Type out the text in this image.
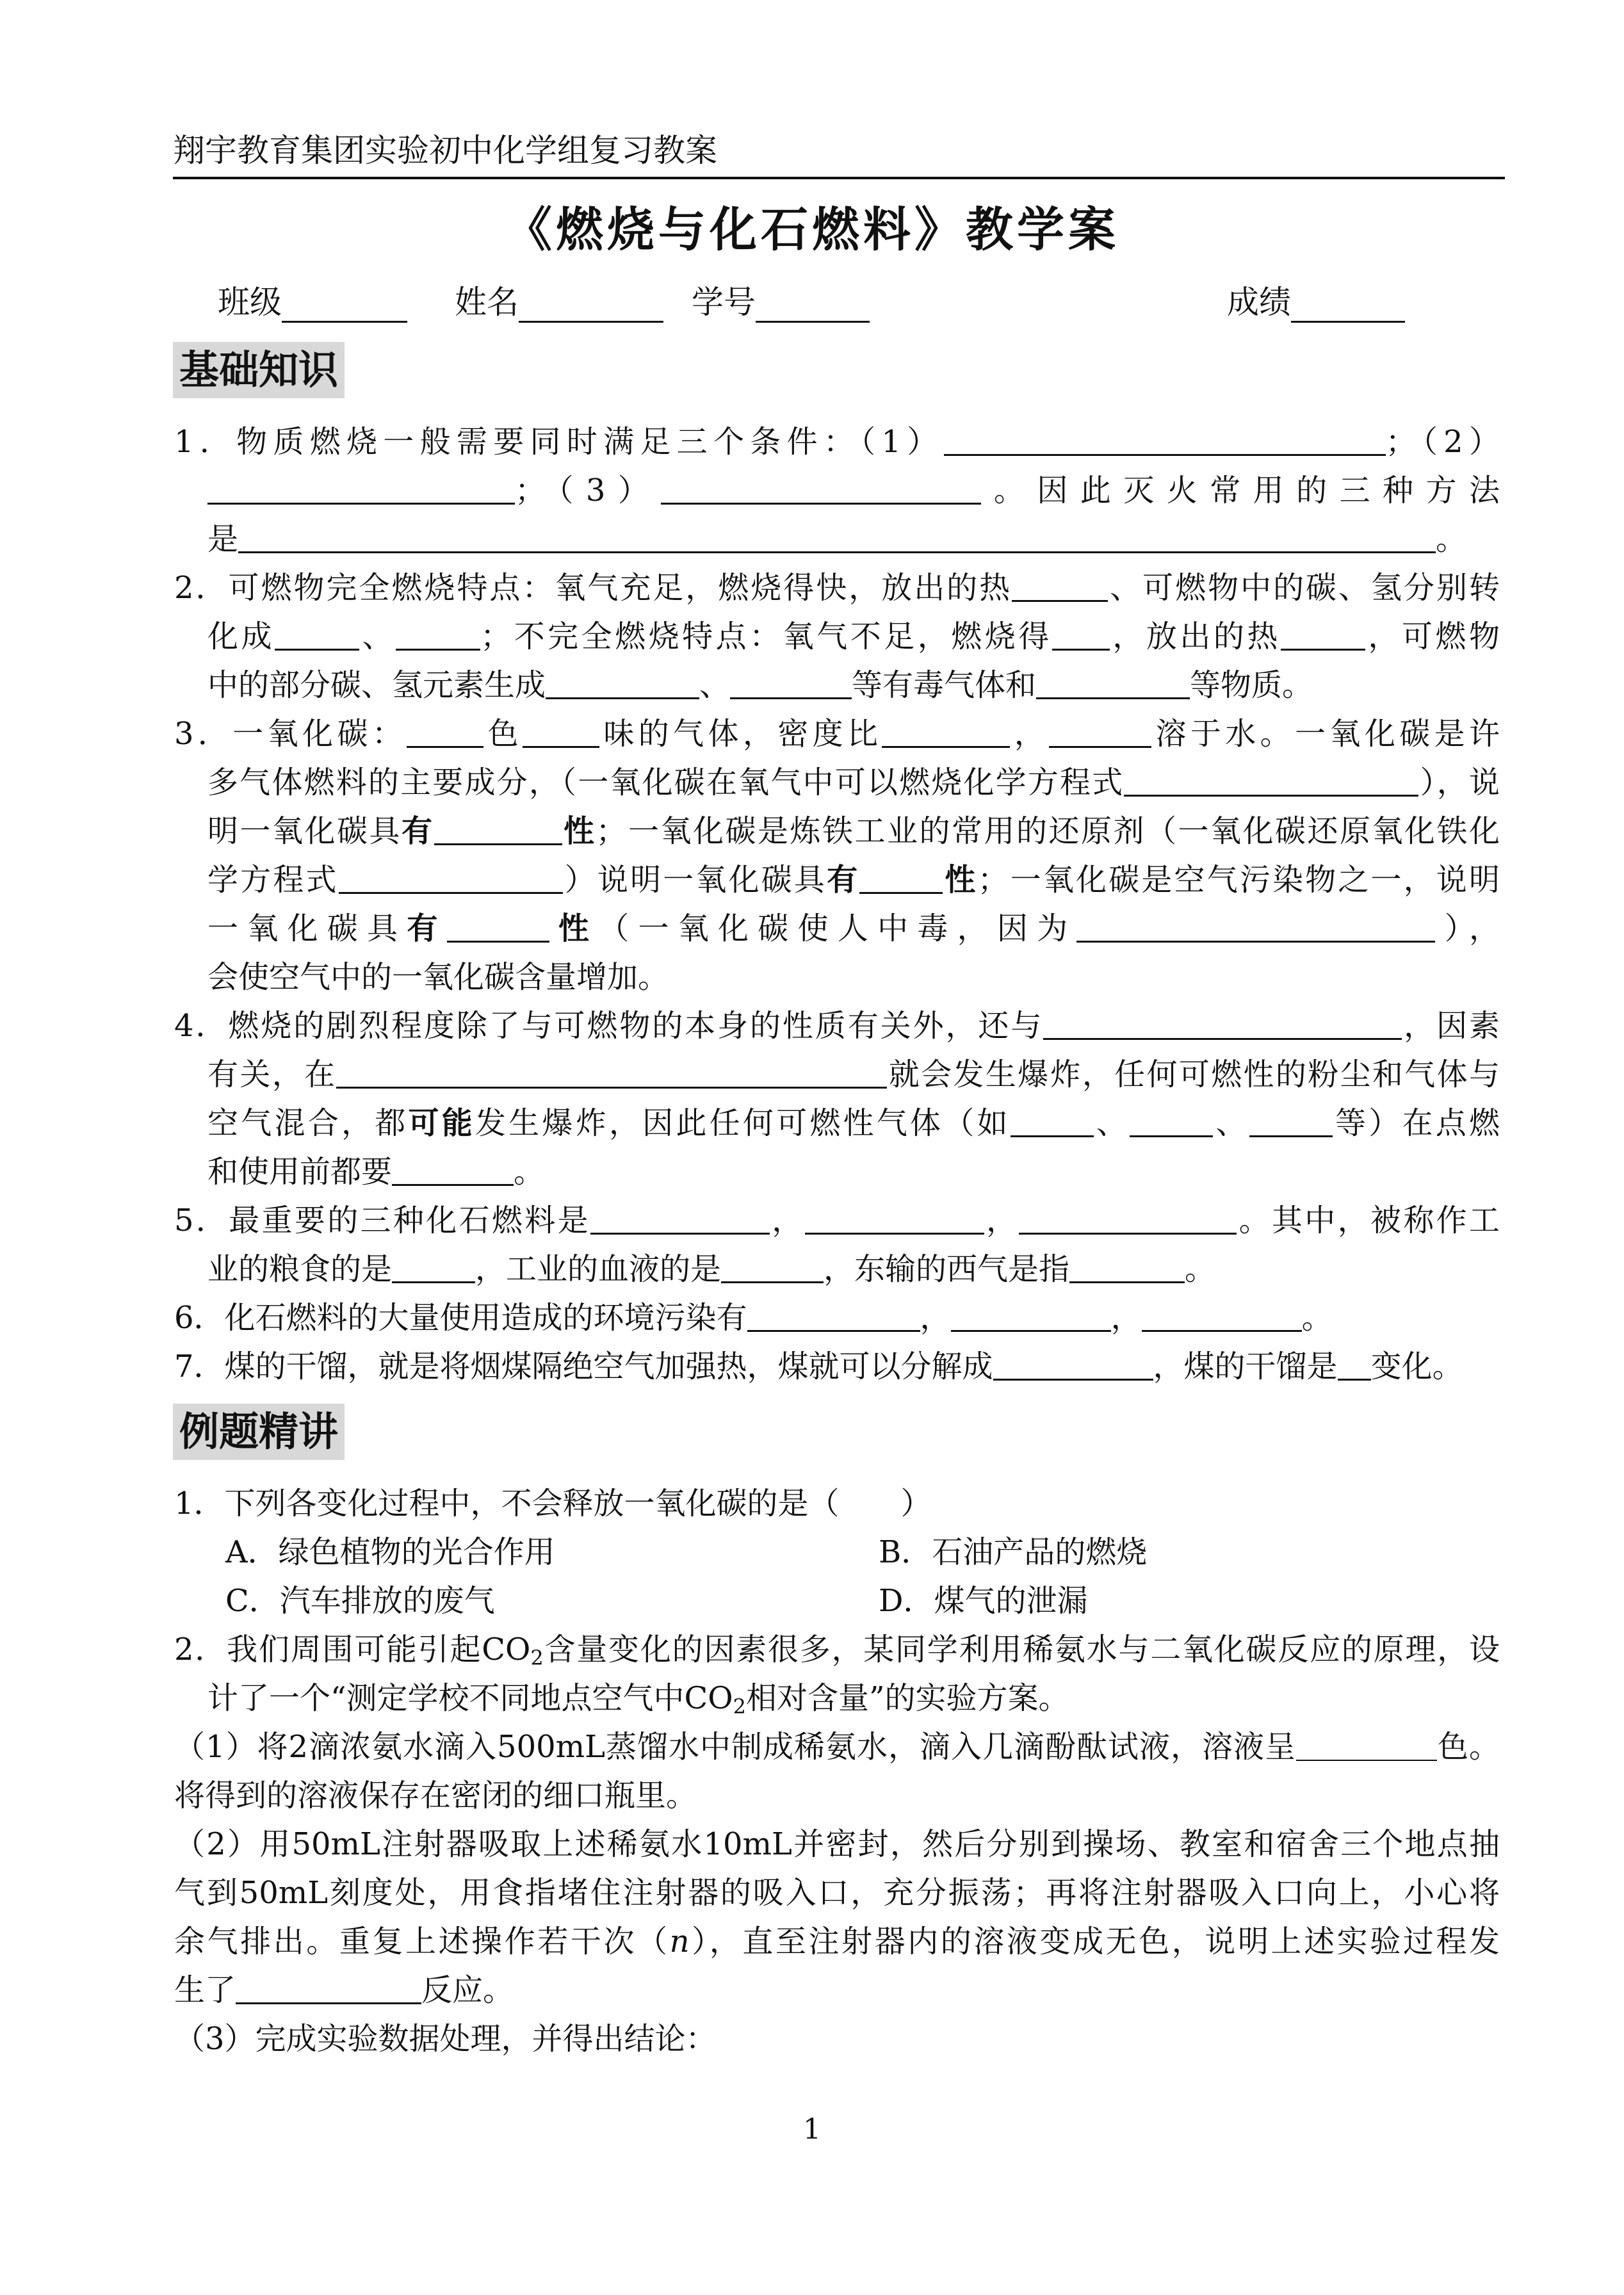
翔宇教育集团实验初中化学组复习教案
《燃烧与化石燃料》教学案
班级	姓名	学号	成绩
基础知识
1．物质燃烧一般需要同时满足三个条件：（1）	；（2）
；（3）	。因此灭火常用的三种方法
是	。
2．可燃物完全燃烧特点：氧气充足，燃烧得快，放出的热	、可燃物中的碳、氢分别转
化成	、	；不完全燃烧特点：氧气不足，燃烧得 ，放出的热	，可燃物
中的部分碳、氢元素生成	、	等有毒气体和	等物质。
3．一氧化碳：	色	味的气体，密度比	，	溶于水。一氧化碳是许
多气体燃料的主要成分，（一氧化碳在氧气中可以燃烧化学方程式	），说
明一氧化碳具有	性；一氧化碳是炼铁工业的常用的还原剂（一氧化碳还原氧化铁化
学方程式	）说明一氧化碳具有	性；一氧化碳是空气污染物之一，说明
一氧化碳具有	性（一氧化碳使人中毒，因为	），
会使空气中的一氧化碳含量增加。
4．燃烧的剧烈程度除了与可燃物的本身的性质有关外，还与	，因素
有关，在	就会发生爆炸，任何可燃性的粉尘和气体与
空气混合，都可能发生爆炸，因此任何可燃性气体（如	、	、	等）在点燃
和使用前都要	。
5．最重要的三种化石燃料是	，	，	。其中，被称作工
业的粮食的是	，工业的血液的是	，东输的西气是指	。
6．化石燃料的大量使用造成的环境污染有	，	，	。
7．煤的干馏，就是将烟煤隔绝空气加强热，煤就可以分解成	，煤的干馏是 变化。
例题精讲
1．下列各变化过程中，不会释放一氧化碳的是（　　）
A．绿色植物的光合作用	B．石油产品的燃烧
C．汽车排放的废气	D．煤气的泄漏
2．我们周围可能引起$CO_2$含量变化的因素很多，某同学利用稀氨水与二氧化碳反应的原理，设
计了一个“测定学校不同地点空气中$CO_2$相对含量”的实验方案。
（1）将2滴浓氨水滴入500mL蒸馏水中制成稀氨水，滴入几滴酚酞试液，溶液呈	色。
将得到的溶液保存在密闭的细口瓶里。
（2）用50mL注射器吸取上述稀氨水10mL并密封，然后分别到操场、教室和宿舍三个地点抽
气到50mL刻度处，用食指堵住注射器的吸入口，充分振荡；再将注射器吸入口向上，小心将
余气排出。重复上述操作若干次（n），直至注射器内的溶液变成无色，说明上述实验过程发
生了	反应。
（3）完成实验数据处理，并得出结论：
1
